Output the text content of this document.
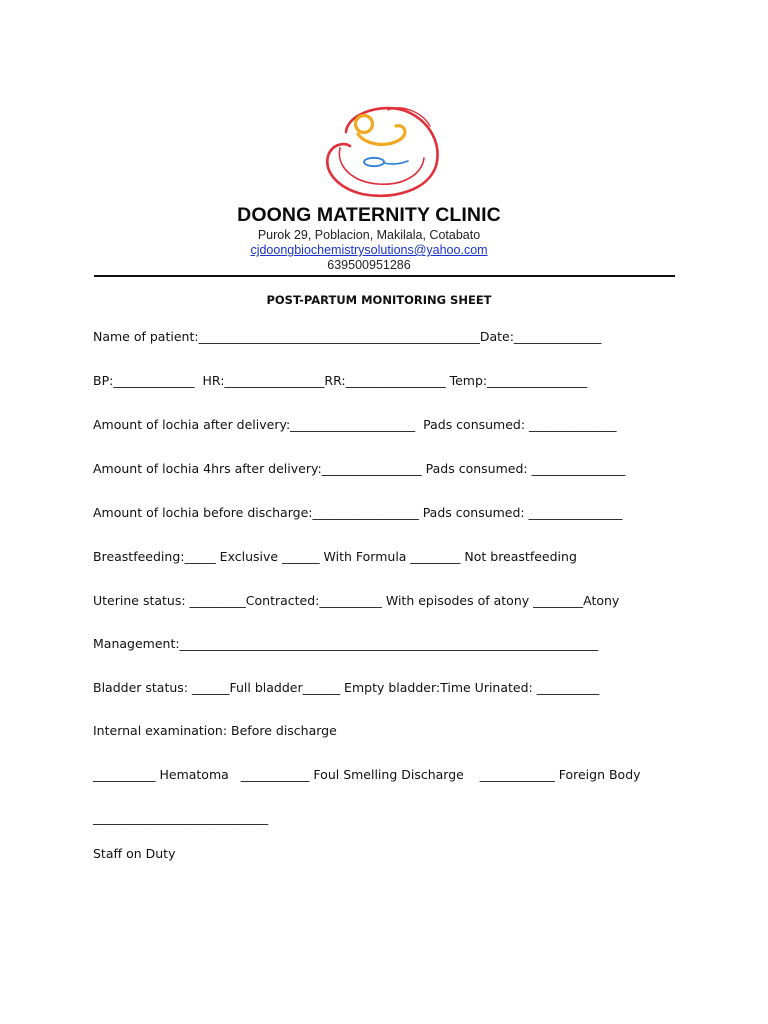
DOONG MATERNITY CLINIC
Purok 29, Poblacion, Makilala, Cotabato
cjdoongbiochemistrysolutions@yahoo.com
639500951286
POST-PARTUM MONITORING SHEET
Name of patient:_____________________________________________Date:______________
BP:_____________  HR:________________RR:________________ Temp:________________
Amount of lochia after delivery:____________________  Pads consumed: ______________
Amount of lochia 4hrs after delivery:________________ Pads consumed: _______________
Amount of lochia before discharge:_________________ Pads consumed: _______________
Breastfeeding:_____ Exclusive ______ With Formula ________ Not breastfeeding
Uterine status: _________Contracted:__________ With episodes of atony ________Atony
Management:___________________________________________________________________
Bladder status: ______Full bladder______ Empty bladder:Time Urinated: __________
Internal examination: Before discharge
__________ Hematoma   ___________ Foul Smelling Discharge    ____________ Foreign Body
____________________________
Staff on Duty
